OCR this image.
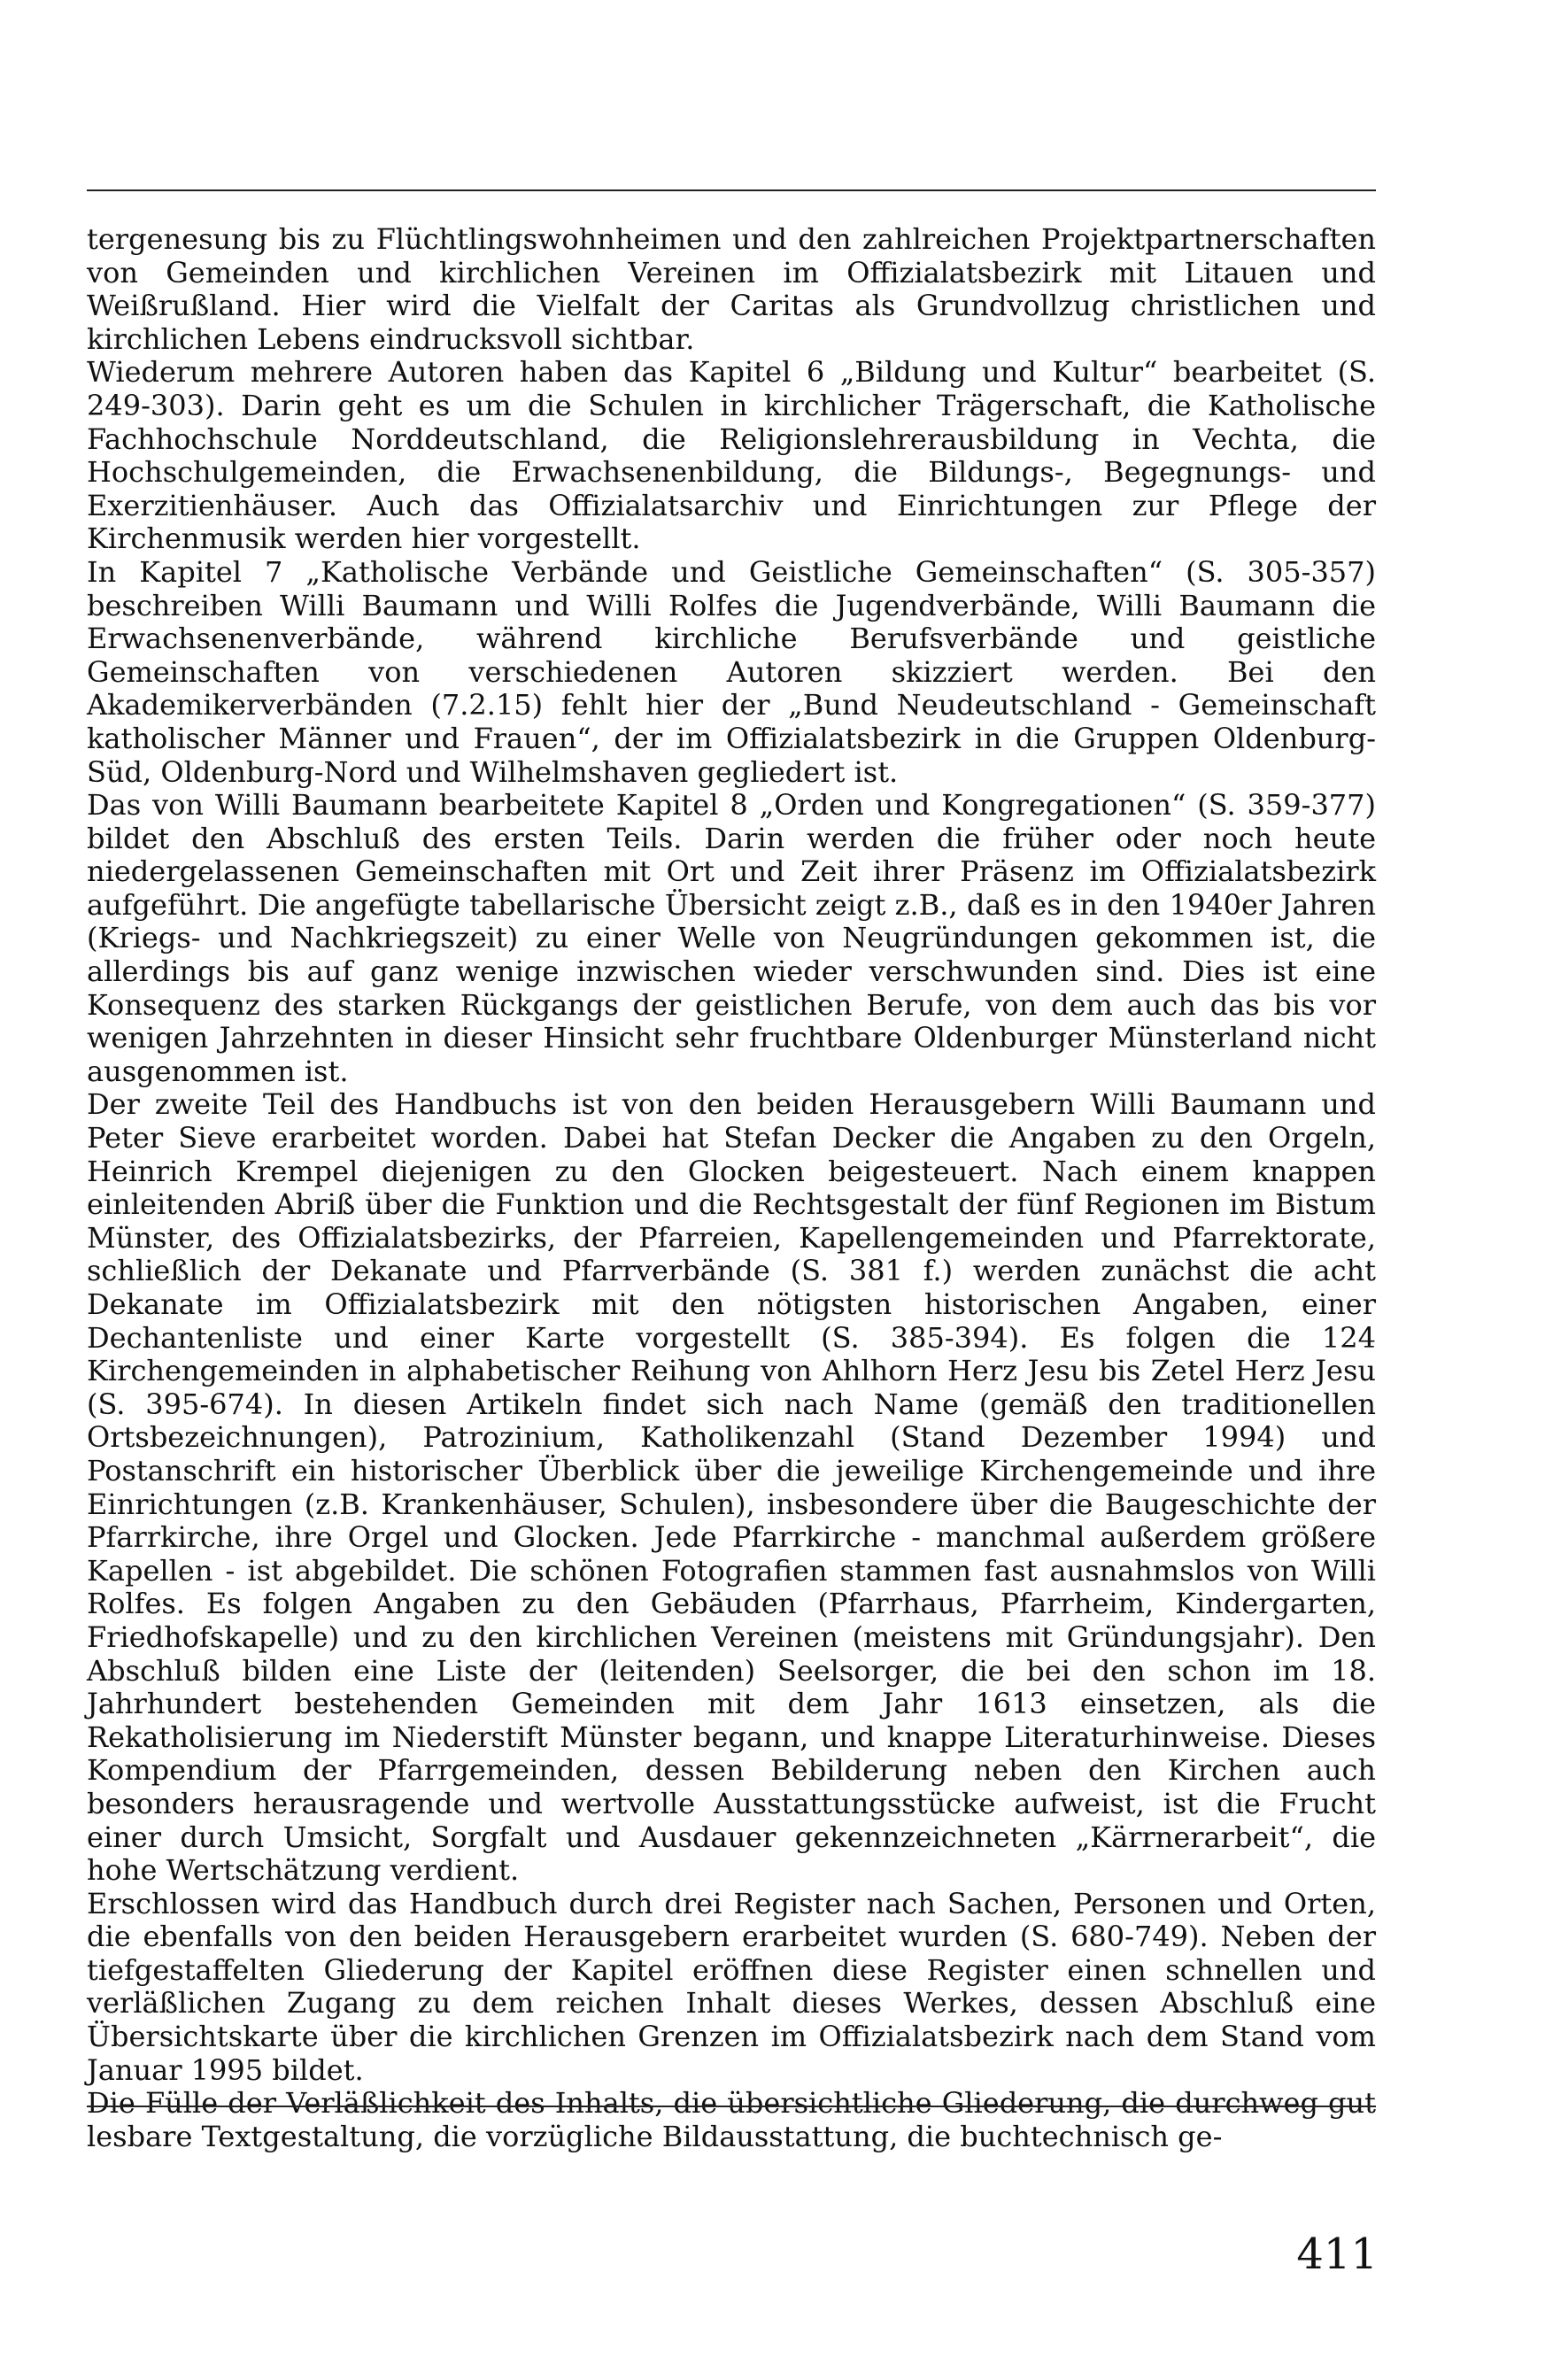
tergenesung bis zu Flüchtlingswohnheimen und den zahlreichen Projektpartnerschaften von Gemeinden und kirchlichen Vereinen im Offizialatsbezirk mit Litauen und Weißrußland. Hier wird die Vielfalt der Caritas als Grundvollzug christlichen und kirchlichen Lebens eindrucksvoll sichtbar.

Wiederum mehrere Autoren haben das Kapitel 6 „Bildung und Kultur“ bearbeitet (S. 249-303). Darin geht es um die Schulen in kirchlicher Trägerschaft, die Katholische Fachhochschule Norddeutschland, die Religionslehrerausbildung in Vechta, die Hochschulgemeinden, die Erwachsenenbildung, die Bildungs-, Begegnungs- und Exerzitienhäuser. Auch das Offizialatsarchiv und Einrichtungen zur Pflege der Kirchenmusik werden hier vorgestellt.

In Kapitel 7 „Katholische Verbände und Geistliche Gemeinschaften“ (S. 305-357) beschreiben Willi Baumann und Willi Rolfes die Jugendverbände, Willi Baumann die Erwachsenenverbände, während kirchliche Berufsverbände und geistliche Gemeinschaften von verschiedenen Autoren skizziert werden. Bei den Akademikerverbänden (7.2.15) fehlt hier der „Bund Neudeutschland - Gemeinschaft katholischer Männer und Frauen“, der im Offizialatsbezirk in die Gruppen Oldenburg-Süd, Oldenburg-Nord und Wilhelmshaven gegliedert ist.

Das von Willi Baumann bearbeitete Kapitel 8 „Orden und Kongregationen“ (S. 359-377) bildet den Abschluß des ersten Teils. Darin werden die früher oder noch heute niedergelassenen Gemeinschaften mit Ort und Zeit ihrer Präsenz im Offizialatsbezirk aufgeführt. Die angefügte tabellarische Übersicht zeigt z.B., daß es in den 1940er Jahren (Kriegs- und Nachkriegszeit) zu einer Welle von Neugründungen gekommen ist, die allerdings bis auf ganz wenige inzwischen wieder verschwunden sind. Dies ist eine Konsequenz des starken Rückgangs der geistlichen Berufe, von dem auch das bis vor wenigen Jahrzehnten in dieser Hinsicht sehr fruchtbare Oldenburger Münsterland nicht ausgenommen ist.

Der zweite Teil des Handbuchs ist von den beiden Herausgebern Willi Baumann und Peter Sieve erarbeitet worden. Dabei hat Stefan Decker die Angaben zu den Orgeln, Heinrich Krempel diejenigen zu den Glocken beigesteuert. Nach einem knappen einleitenden Abriß über die Funktion und die Rechtsgestalt der fünf Regionen im Bistum Münster, des Offizialatsbezirks, der Pfarreien, Kapellengemeinden und Pfarrektorate, schließlich der Dekanate und Pfarrverbände (S. 381 f.) werden zunächst die acht Dekanate im Offizialatsbezirk mit den nötigsten historischen Angaben, einer Dechantenliste und einer Karte vorgestellt (S. 385-394). Es folgen die 124 Kirchengemeinden in alphabetischer Reihung von Ahlhorn Herz Jesu bis Zetel Herz Jesu (S. 395-674). In diesen Artikeln findet sich nach Name (gemäß den traditionellen Ortsbezeichnungen), Patrozinium, Katholikenzahl (Stand Dezember 1994) und Postanschrift ein historischer Überblick über die jeweilige Kirchengemeinde und ihre Einrichtungen (z.B. Krankenhäuser, Schulen), insbesondere über die Baugeschichte der Pfarrkirche, ihre Orgel und Glocken. Jede Pfarrkirche - manchmal außerdem größere Kapellen - ist abgebildet. Die schönen Fotografien stammen fast ausnahmslos von Willi Rolfes. Es folgen Angaben zu den Gebäuden (Pfarrhaus, Pfarrheim, Kindergarten, Friedhofskapelle) und zu den kirchlichen Vereinen (meistens mit Gründungsjahr). Den Abschluß bilden eine Liste der (leitenden) Seelsorger, die bei den schon im 18. Jahrhundert bestehenden Gemeinden mit dem Jahr 1613 einsetzen, als die Rekatholisierung im Niederstift Münster begann, und knappe Literaturhinweise. Dieses Kompendium der Pfarrgemeinden, dessen Bebilderung neben den Kirchen auch besonders herausragende und wertvolle Ausstattungsstücke aufweist, ist die Frucht einer durch Umsicht, Sorgfalt und Ausdauer gekennzeichneten „Kärrnerarbeit“, die hohe Wertschätzung verdient.

Erschlossen wird das Handbuch durch drei Register nach Sachen, Personen und Orten, die ebenfalls von den beiden Herausgebern erarbeitet wurden (S. 680-749). Neben der tiefgestaffelten Gliederung der Kapitel eröffnen diese Register einen schnellen und verläßlichen Zugang zu dem reichen Inhalt dieses Werkes, dessen Abschluß eine Übersichtskarte über die kirchlichen Grenzen im Offizialatsbezirk nach dem Stand vom Januar 1995 bildet.

Die Fülle der Verläßlichkeit des Inhalts, die übersichtliche Gliederung, die durchweg gut lesbare Textgestaltung, die vorzügliche Bildausstattung, die buchtechnisch ge-

411
